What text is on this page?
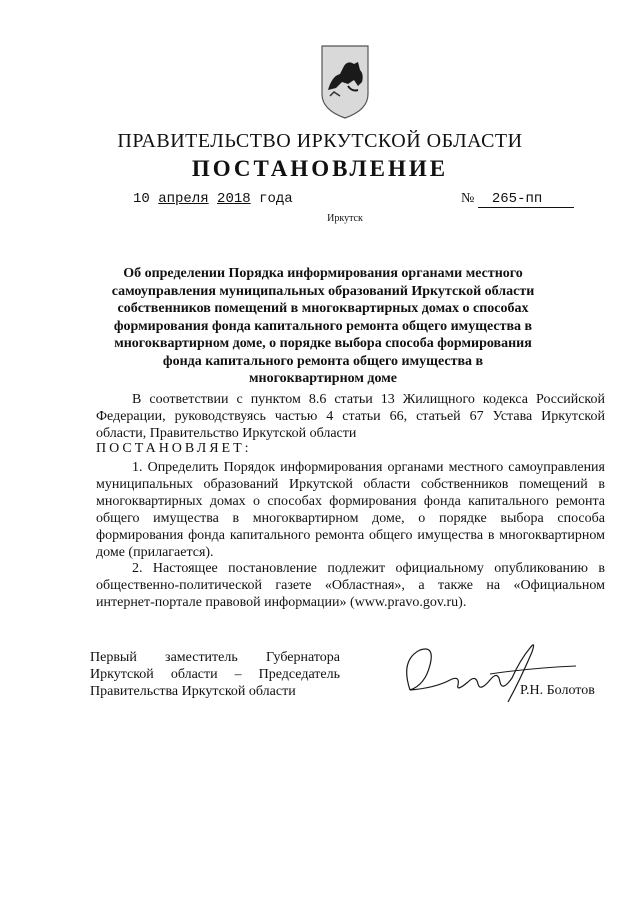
ПРАВИТЕЛЬСТВО ИРКУТСКОЙ ОБЛАСТИ
ПОСТАНОВЛЕНИЕ
10 апреля 2018 года	№ 265-пп
Иркутск

Об определении Порядка информирования органами местного самоуправления муниципальных образований Иркутской области собственников помещений в многоквартирных домах о способах формирования фонда капитального ремонта общего имущества в многоквартирном доме, о порядке выбора способа формирования фонда капитального ремонта общего имущества в многоквартирном доме

В соответствии с пунктом 8.6 статьи 13 Жилищного кодекса Российской Федерации, руководствуясь частью 4 статьи 66, статьей 67 Устава Иркутской области, Правительство Иркутской области

ПОСТАНОВЛЯЕТ:

1. Определить Порядок информирования органами местного самоуправления муниципальных образований Иркутской области собственников помещений в многоквартирных домах о способах формирования фонда капитального ремонта общего имущества в многоквартирном доме, о порядке выбора способа формирования фонда капитального ремонта общего имущества в многоквартирном доме (прилагается).

2. Настоящее постановление подлежит официальному опубликованию в общественно-политической газете «Областная», а также на «Официальном интернет-портале правовой информации» (www.pravo.gov.ru).

Первый заместитель Губернатора
Иркутской области – Председатель
Правительства Иркутской области	Р.Н. Болотов
